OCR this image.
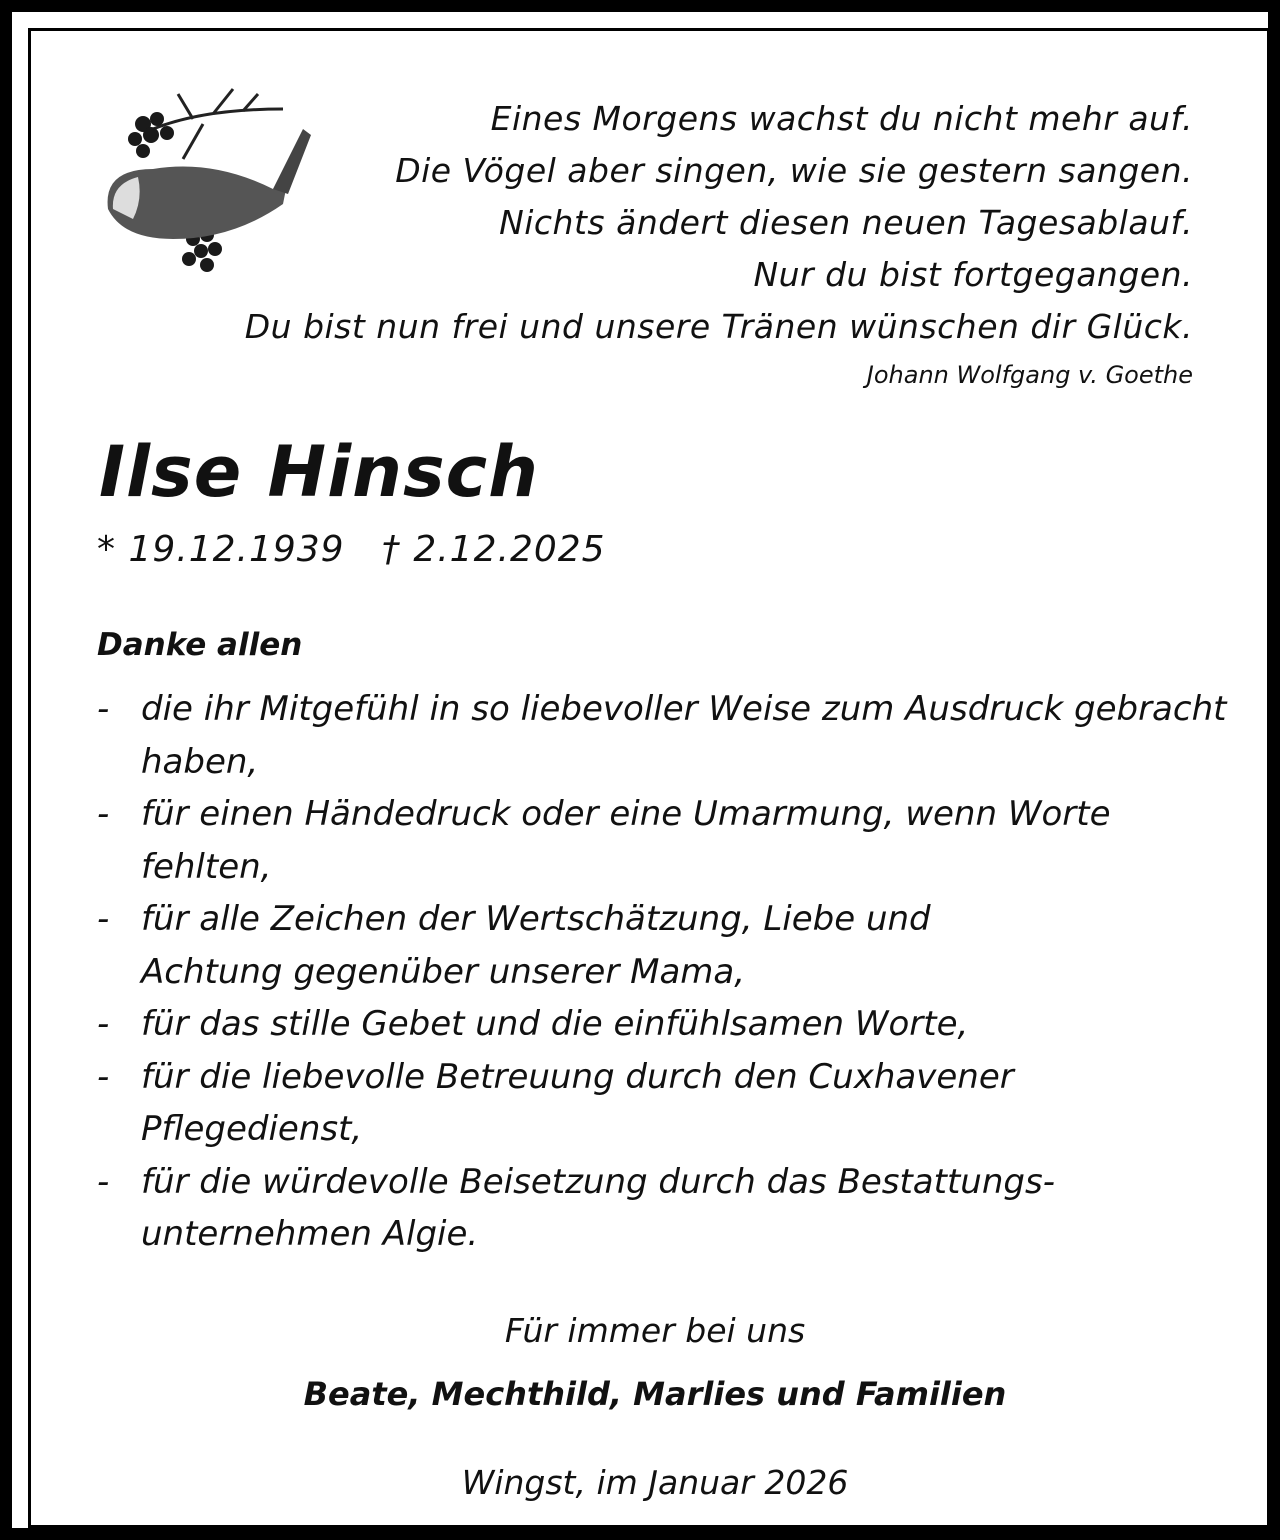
Eines Morgens wachst du nicht mehr auf.
Die Vögel aber singen, wie sie gestern sangen.
Nichts ändert diesen neuen Tagesablauf.
Nur du bist fortgegangen.
Du bist nun frei und unsere Tränen wünschen dir Glück.
Johann Wolfgang v. Goethe
Ilse Hinsch
* 19.12.1939   † 2.12.2025
Danke allen
- die ihr Mitgefühl in so liebevoller Weise zum Ausdruck gebracht haben,
- für einen Händedruck oder eine Umarmung, wenn Worte fehlten,
- für alle Zeichen der Wertschätzung, Liebe und Achtung gegenüber unserer Mama,
- für das stille Gebet und die einfühlsamen Worte,
- für die liebevolle Betreuung durch den Cuxhavener Pflegedienst,
- für die würdevolle Beisetzung durch das Bestattungs-unternehmen Algie.
Für immer bei uns
Beate, Mechthild, Marlies und Familien
Wingst, im Januar 2026
